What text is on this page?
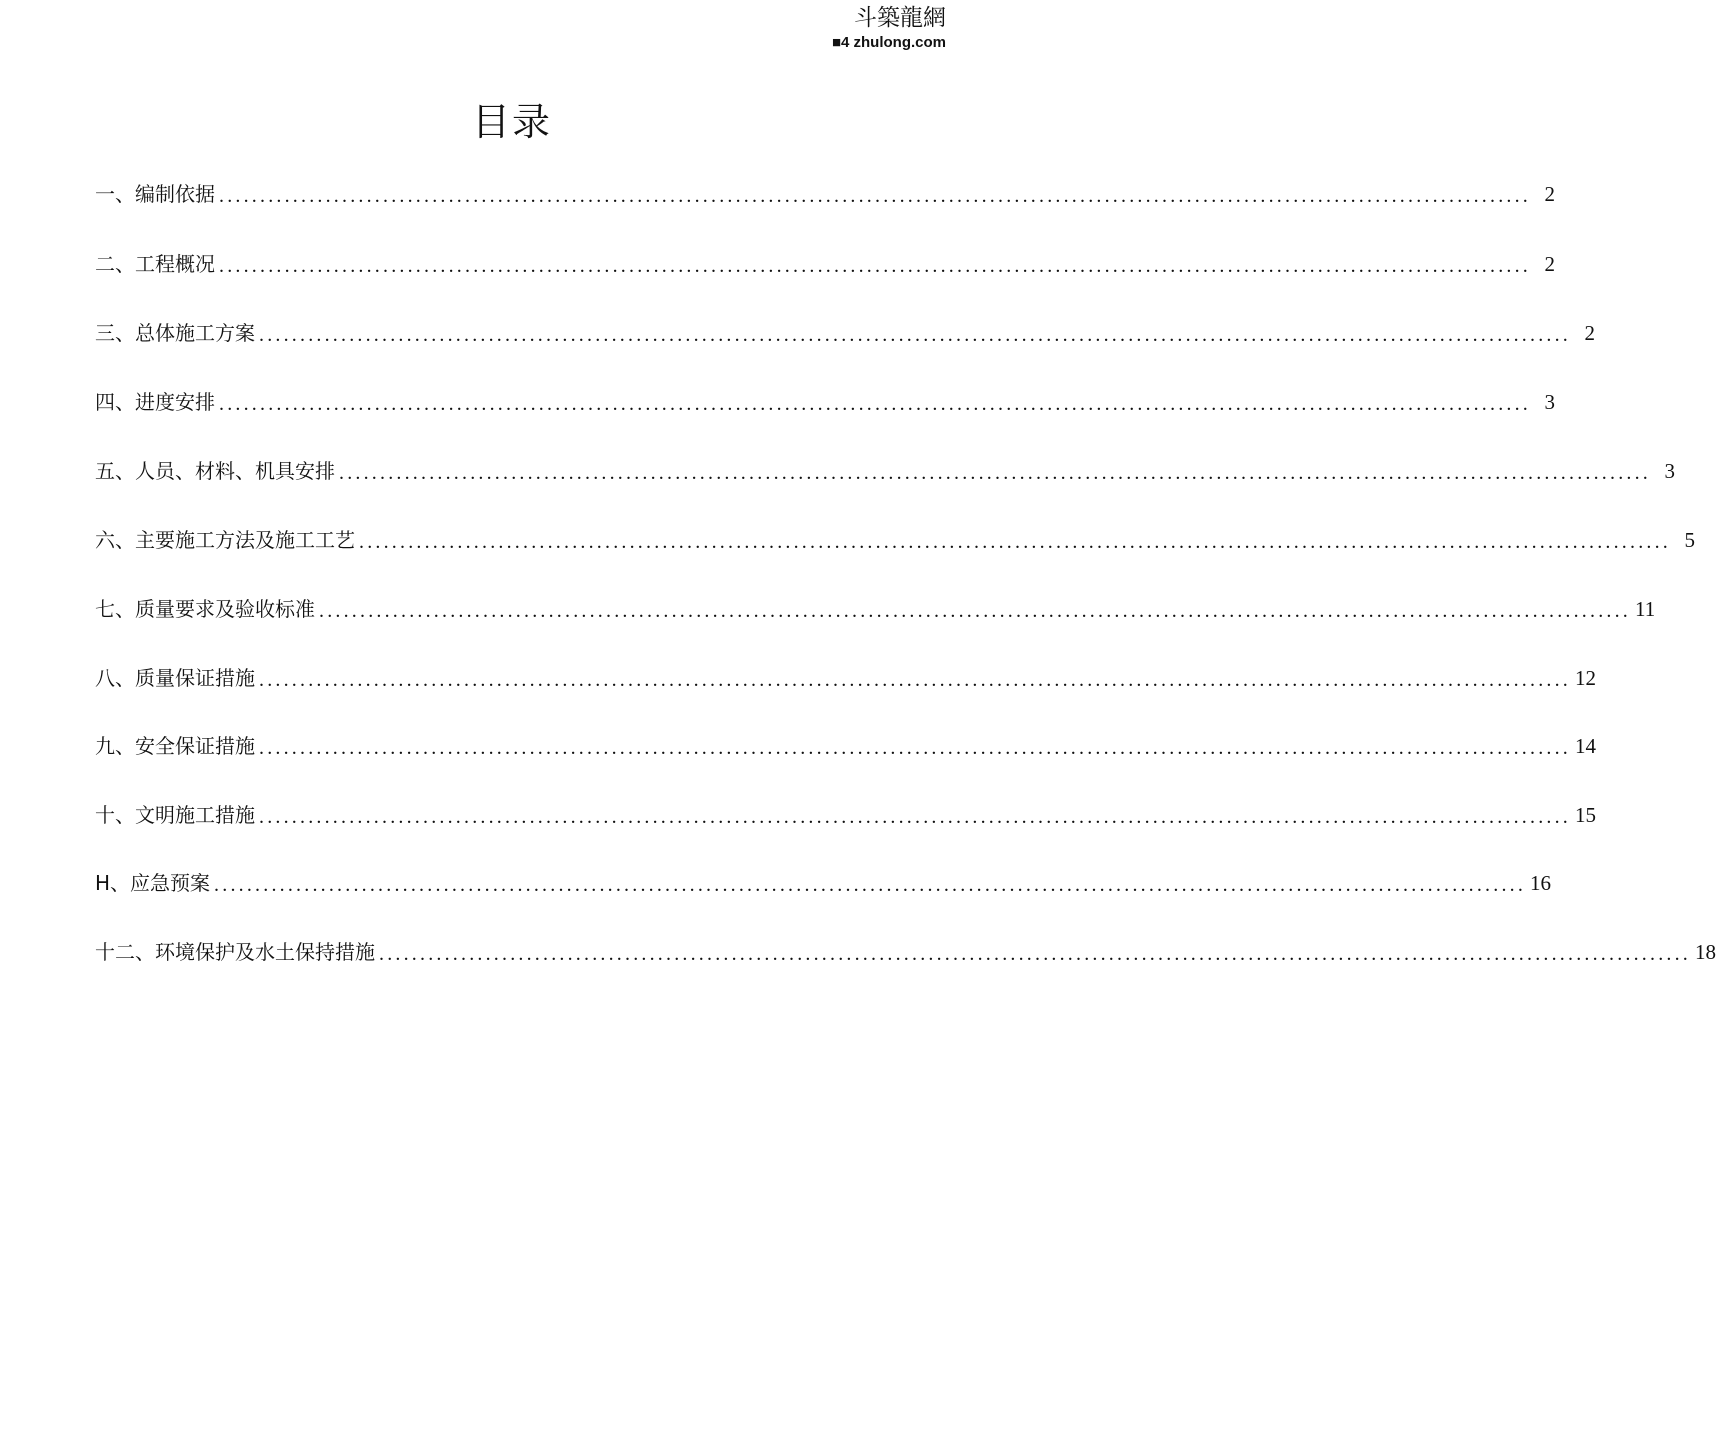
斗築龍網
■4 zhulong.com
目录
一、编制依据 ................................................................................................................................................................ 2
二、工程概况 ................................................................................................................................................................ 2
三、总体施工方案 ................................................................................................................................................................ 2
四、进度安排 ................................................................................................................................................................ 3
五、人员、材料、机具安排 ................................................................................................................................................................ 3
六、主要施工方法及施工工艺 ................................................................................................................................................................ 5
七、质量要求及验收标准 ................................................................................................................................................................ 11
八、质量保证措施 ................................................................................................................................................................ 12
九、安全保证措施 ................................................................................................................................................................ 14
十、文明施工措施 ................................................................................................................................................................ 15
H、应急预案 ................................................................................................................................................................ 16
十二、环境保护及水土保持措施 ................................................................................................................................................................ 18
